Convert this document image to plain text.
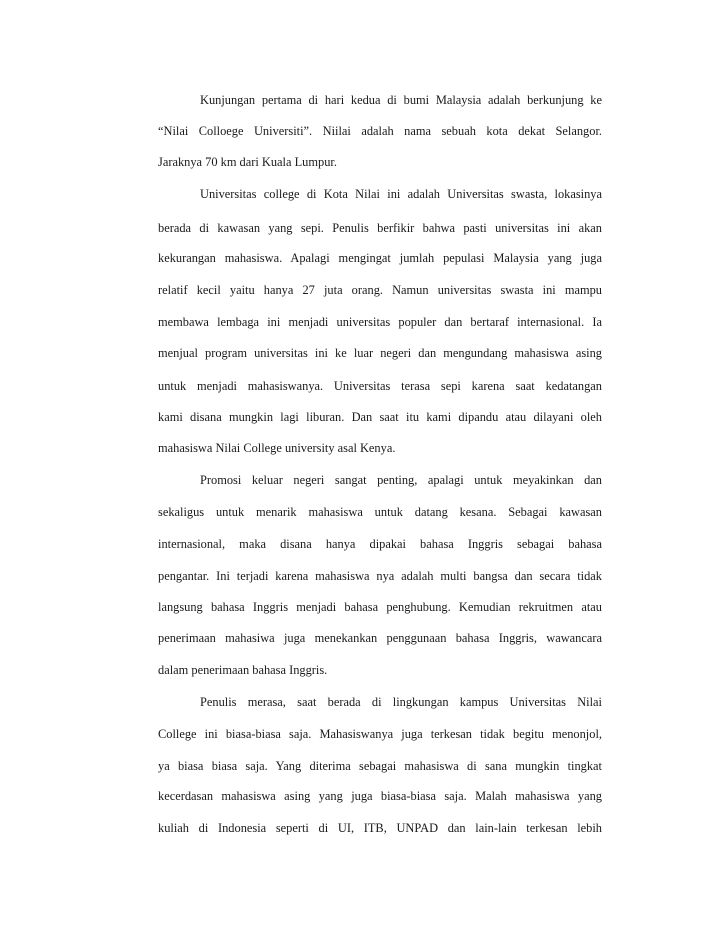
Kunjungan pertama di hari kedua di bumi Malaysia adalah berkunjung ke
“Nilai Colloege Universiti”. Niilai adalah nama sebuah kota dekat Selangor.
Jaraknya 70 km dari Kuala Lumpur.
Universitas college di Kota Nilai ini adalah Universitas swasta, lokasinya
berada di kawasan yang sepi. Penulis berfikir bahwa pasti universitas ini akan
kekurangan mahasiswa. Apalagi mengingat jumlah pepulasi Malaysia yang juga
relatif kecil yaitu hanya 27 juta orang. Namun universitas swasta ini mampu
membawa lembaga ini menjadi universitas populer dan bertaraf internasional. Ia
menjual program universitas ini ke luar negeri dan mengundang mahasiswa asing
untuk menjadi mahasiswanya. Universitas terasa sepi karena saat kedatangan
kami disana mungkin lagi liburan. Dan saat itu kami dipandu atau dilayani oleh
mahasiswa Nilai College university asal Kenya.
Promosi keluar negeri sangat penting, apalagi untuk meyakinkan dan
sekaligus untuk menarik mahasiswa untuk datang kesana. Sebagai kawasan
internasional, maka disana hanya dipakai bahasa Inggris sebagai bahasa
pengantar. Ini terjadi karena mahasiswa nya adalah multi bangsa dan secara tidak
langsung bahasa Inggris menjadi bahasa penghubung. Kemudian rekruitmen atau
penerimaan mahasiwa juga menekankan penggunaan bahasa Inggris, wawancara
dalam penerimaan bahasa Inggris.
Penulis merasa, saat berada di lingkungan kampus Universitas Nilai
College ini biasa-biasa saja. Mahasiswanya juga terkesan tidak begitu menonjol,
ya biasa biasa saja. Yang diterima sebagai mahasiswa di sana mungkin tingkat
kecerdasan mahasiswa asing yang juga biasa-biasa saja. Malah mahasiswa yang
kuliah di Indonesia seperti di UI, ITB, UNPAD dan lain-lain terkesan lebih
